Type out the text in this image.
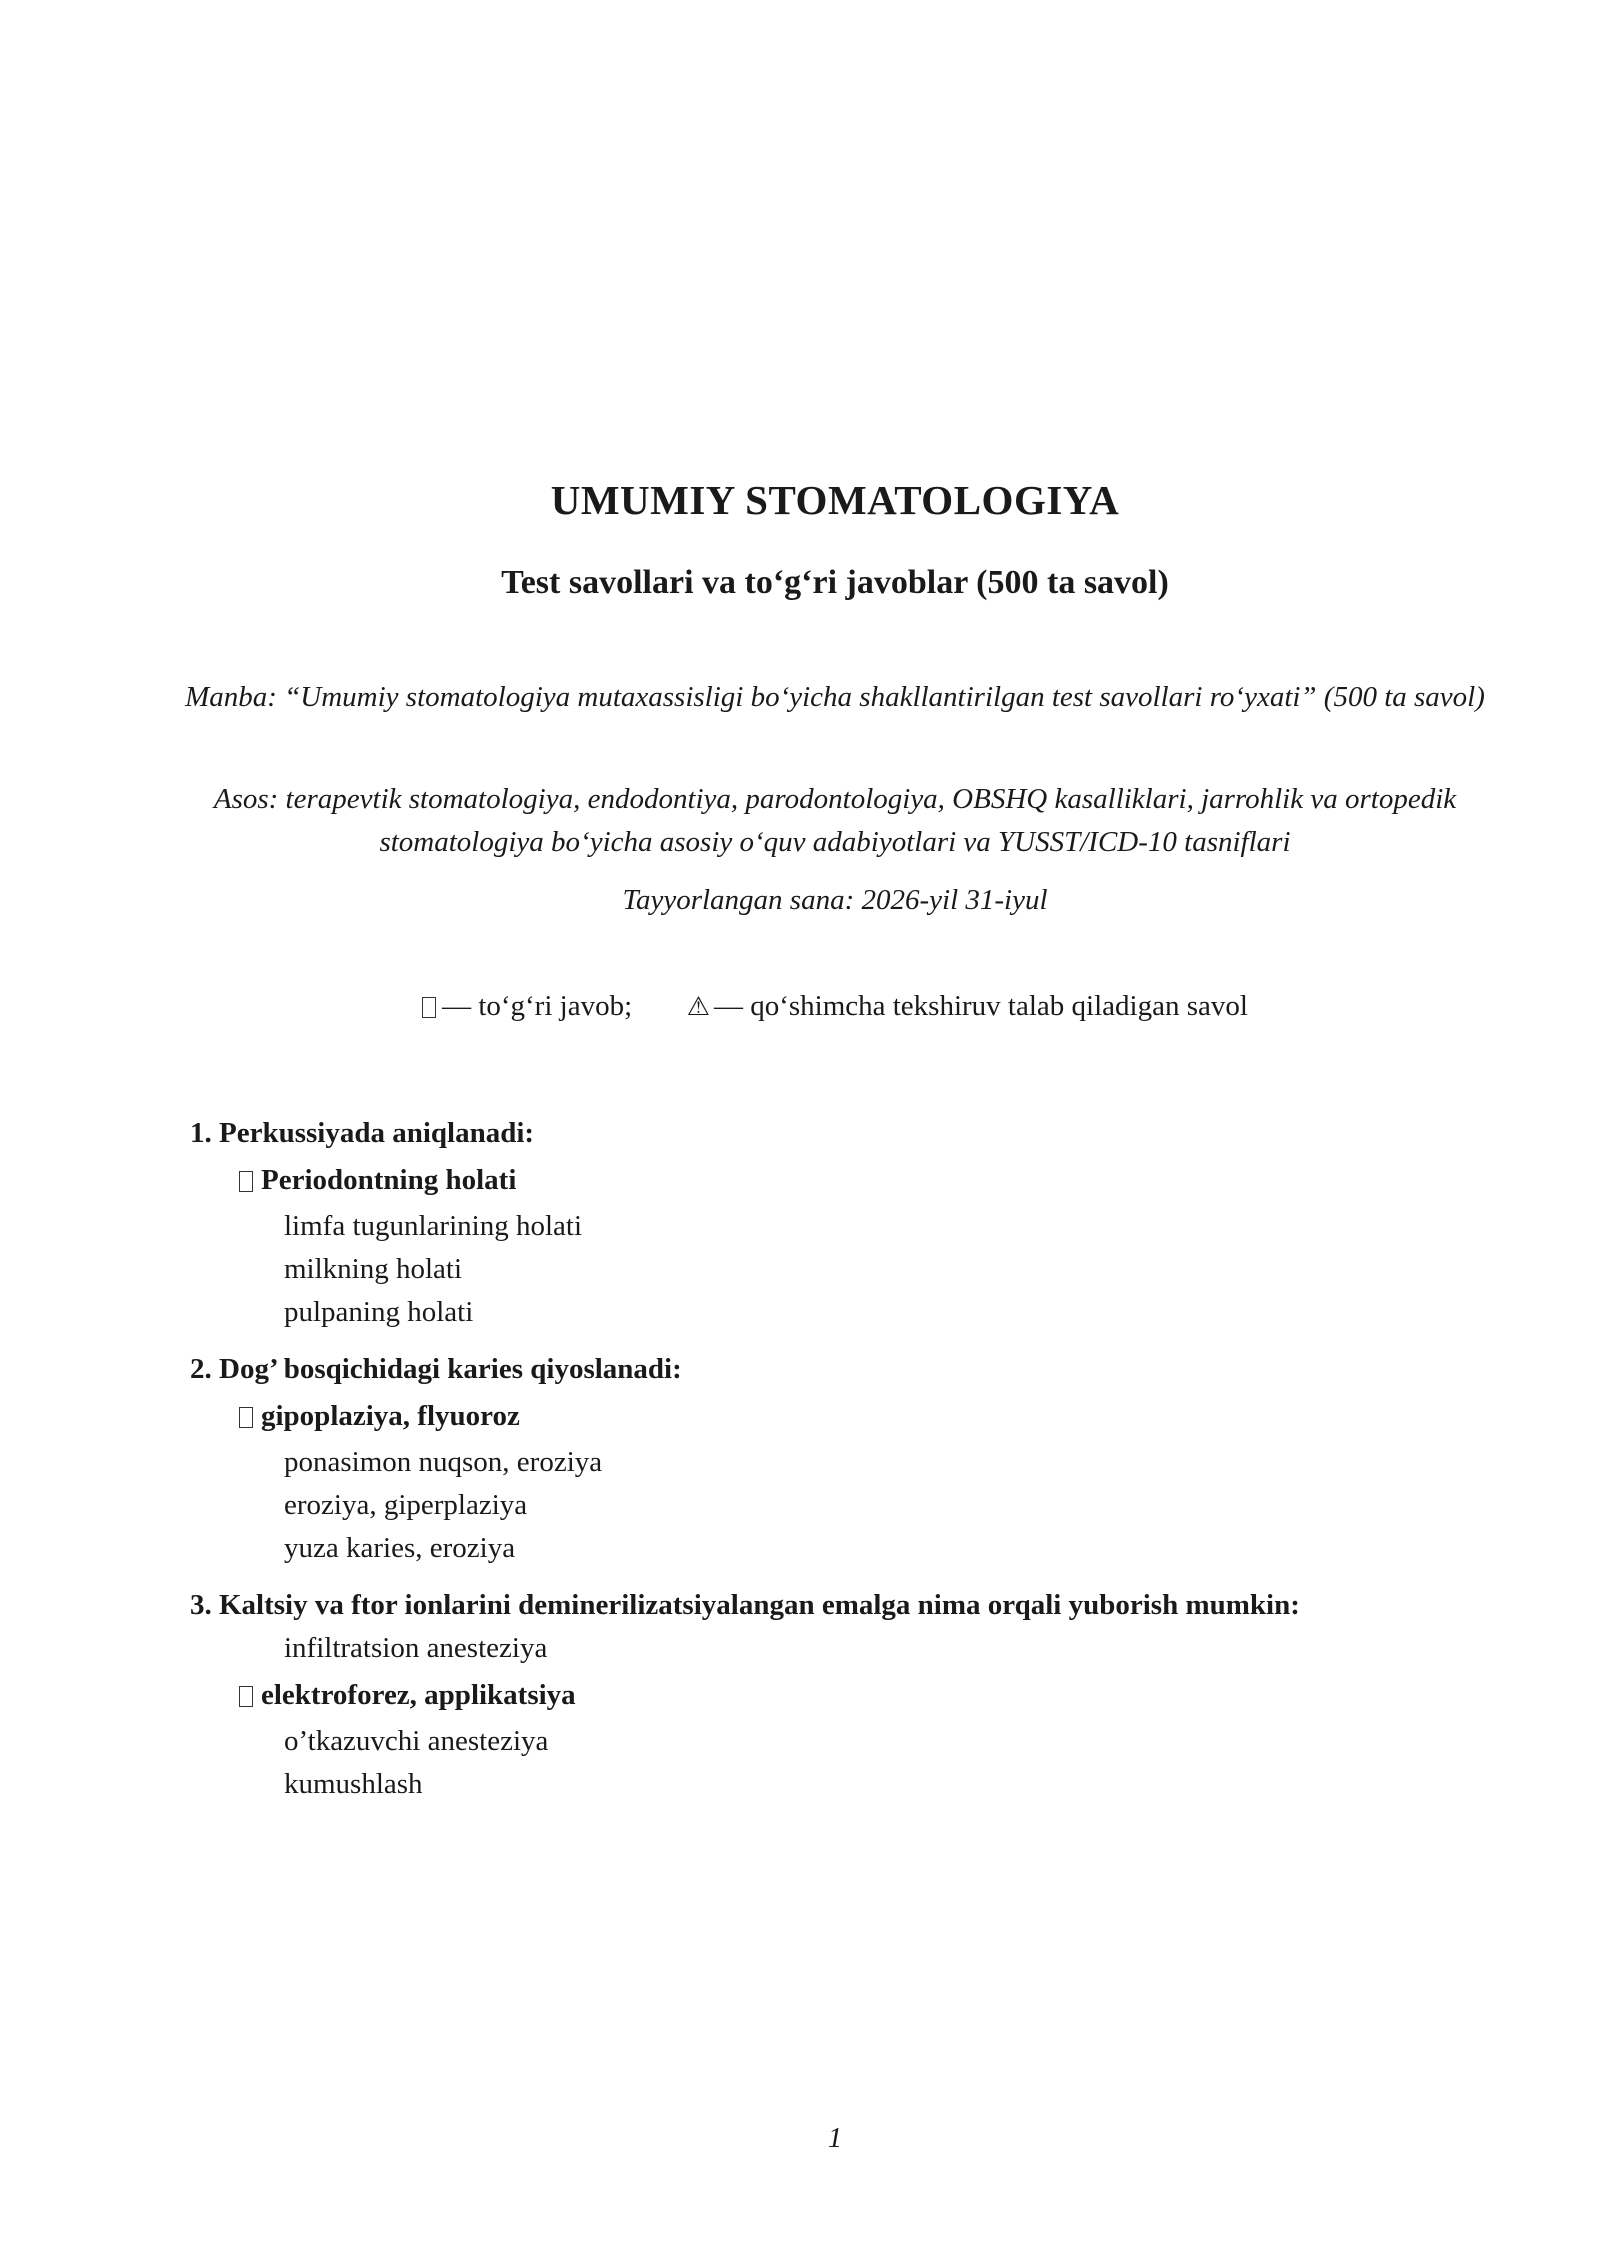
UMUMIY STOMATOLOGIYA
Test savollari va to‘g‘ri javoblar (500 ta savol)
Manba: “Umumiy stomatologiya mutaxassisligi bo‘yicha shakllantirilgan test savollari ro‘yxati” (500 ta savol)
Asos: terapevtik stomatologiya, endodontiya, parodontologiya, OBSHQ kasalliklari, jarrohlik va ortopedik stomatologiya bo‘yicha asosiy o‘quv adabiyotlari va YUSST/ICD-10 tasniflari
Tayyorlangan sana: 2026-yil 31-iyul
— to‘g‘ri javob; ⚠ — qo‘shimcha tekshiruv talab qiladigan savol
1. Perkussiyada aniqlanadi:
Periodontning holati
limfa tugunlarining holati
milkning holati
pulpaning holati
2. Dog’ bosqichidagi karies qiyoslanadi:
gipoplaziya, flyuoroz
ponasimon nuqson, eroziya
eroziya, giperplaziya
yuza karies, eroziya
3. Kaltsiy va ftor ionlarini deminerilizatsiyalangan emalga nima orqali yuborish mumkin:
infiltratsion anesteziya
elektroforez, applikatsiya
o’tkazuvchi anesteziya
kumushlash
1
